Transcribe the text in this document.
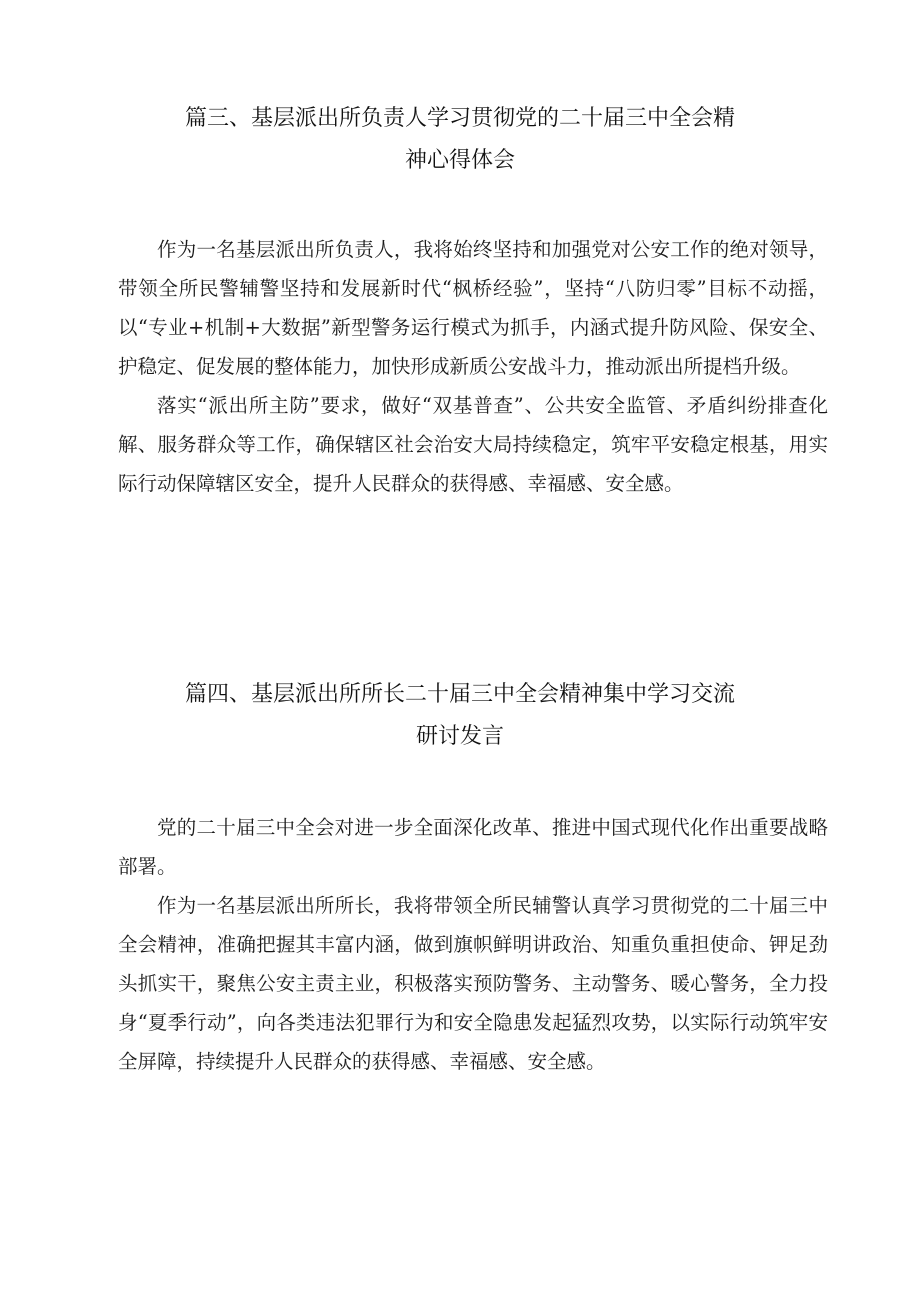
篇三、基层派出所负责人学习贯彻党的二十届三中全会精
神心得体会

作为一名基层派出所负责人，我将始终坚持和加强党对公安工作的绝对领导，带领全所民警辅警坚持和发展新时代“枫桥经验”，坚持“八防归零”目标不动摇，以“专业+机制+大数据”新型警务运行模式为抓手，内涵式提升防风险、保安全、护稳定、促发展的整体能力，加快形成新质公安战斗力，推动派出所提档升级。

落实“派出所主防”要求，做好“双基普查”、公共安全监管、矛盾纠纷排查化解、服务群众等工作，确保辖区社会治安大局持续稳定，筑牢平安稳定根基，用实际行动保障辖区安全，提升人民群众的获得感、幸福感、安全感。

篇四、基层派出所所长二十届三中全会精神集中学习交流
研讨发言

党的二十届三中全会对进一步全面深化改革、推进中国式现代化作出重要战略部署。

作为一名基层派出所所长，我将带领全所民辅警认真学习贯彻党的二十届三中全会精神，准确把握其丰富内涵，做到旗帜鲜明讲政治、知重负重担使命、钾足劲头抓实干，聚焦公安主责主业，积极落实预防警务、主动警务、暖心警务，全力投身“夏季行动”，向各类违法犯罪行为和安全隐患发起猛烈攻势，以实际行动筑牢安全屏障，持续提升人民群众的获得感、幸福感、安全感。
